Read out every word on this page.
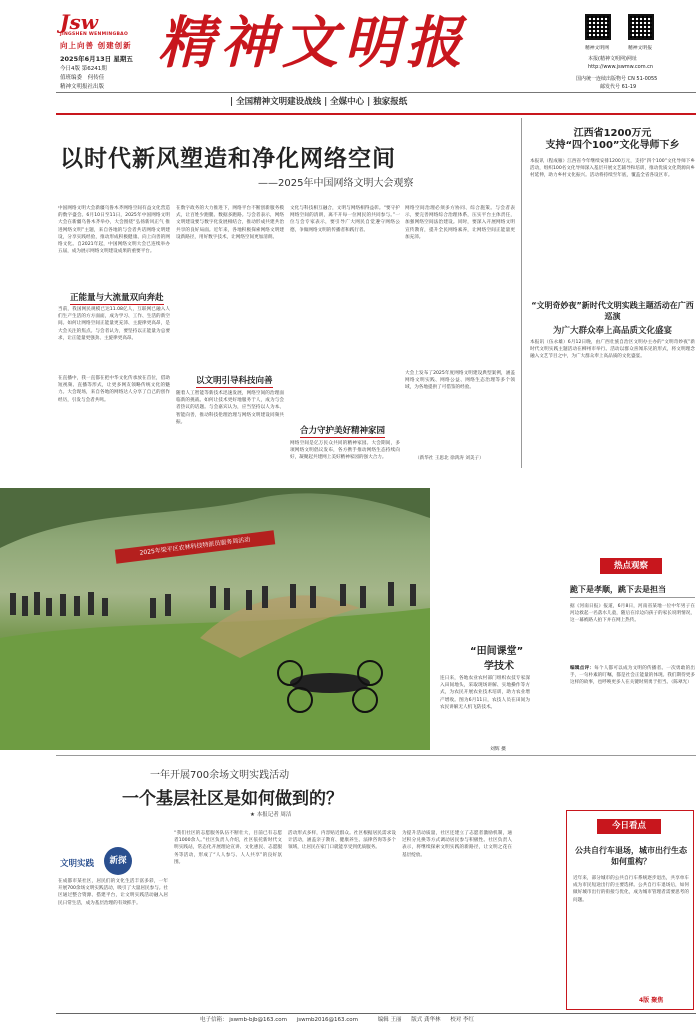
Jsw
JINGSHEN WENMINGBAO
向上向善 创建创新
2025年6月13日 星期五
今日4版 第6241期
值班编委 何传佳
精神文明报社出版
精神文明报	精神文明网	精神文明报
本报(精神文明网)网址
http://www.jswmw.com.cn
国内统一连续出版物号 CN 51-0055
邮发代号 61-19
| 全国精神文明建设战线 | 全媒中心 | 独家报纸
以时代新风塑造和净化网络空间
——2025年中国网络文明大会观察
中国网络文明大会新疆乌鲁木齐网络空间有益文化营造的数字盛会。6月10日至11日，2025年中国网络文明大会在新疆乌鲁木齐举办，大会围绕“弘扬新风正气 推进网络文明”主题，来自各地的与会者共话网络文明建设，分享实践经验，推动形成积极健康、向上向善的网络文化。自2021年起，中国网络文明大会已连续举办五届，成为展示网络文明建设成果的重要平台。
正能量与大流量双向奔赴
当前，我国网民规模已达11.08亿人，互联网已融入人们生产生活的方方面面，成为学习、工作、生活的新空间。如何让网络空间正能量更充沛、主旋律更高昂，是大会关注的焦点。与会者认为，要坚持以正能量为总要求，让正能量更强劲、主旋律更高昂。
在直播中，我一直都在把中华文化传承放在首位，借助短视频、直播等形式，让更多网友领略传统文化的魅力。大会现场，来自各地的网络达人分享了自己的创作经历，引发与会者共鸣。
在数字政务的大力推进下，网络平台不断创新服务模式，让百姓少跑腿、数据多跑路。与会者表示，网络文明建设要与数字化发展相结合，推动形成共建共治共享的良好局面。近年来，各地积极探索网络文明建设新路径，用好数字技术，让网络空间更加清朗。
以文明引导科技向善
随着人工智能等新技术迅速发展，网络空间的治理面临新的挑战。如何让技术更好地服务于人，成为与会者热议的话题。与会嘉宾认为，应当坚持以人为本、智能向善，推动科技伦理治理与网络文明建设同频共振。
文化与科技相互融合，文明与网络相得益彰。“要守护网络空间的清朗，离不开每一位网民的共同参与。”一位与会专家表示，要引导广大网民自觉遵守网络公德，争做网络文明的传播者和践行者。
合力守护美好精神家园
网络空间是亿万民众共同的精神家园。大会期间，多项网络文明倡议发布，各方携手推动网络生态持续向好，凝聚起共建网上美好精神家园的强大合力。
网络空间治理必须多方协同、综合施策。与会者表示，要完善网络综合治理体系，压实平台主体责任，加强网络空间法治建设。同时，要深入开展网络文明宣传教育，提升全民网络素养，让网络空间正能量更加充沛。
大会上发布了2025年度网络文明建设典型案例，涵盖网络文明实践、网络公益、网络生态治理等多个领域，为各地提供了可借鉴的经验。
（新华社 王思北 徐鸿涛 刘美子）
江西省1200万元
支持“四个100”文化导师下乡
本报讯（程成雁）江西省今年继续安排1200万元，支持“四个100”文化导师下乡活动，组织100名文化导师深入基层开展文艺辅导和培训，推动优质文化资源向乡村延伸，助力乡村文化振兴。活动将持续至年底，覆盖全省各设区市。
“文明奇妙夜”新时代文明实践主题活动在广西巡演
为广大群众奉上高品质文化盛宴
本报讯（伍永雄）6月12日晚，由广西壮族自治区文明办主办的“文明奇妙夜”新时代文明实践主题活动在柳州市举行。活动以群众喜闻乐见的形式，将文明理念融入文艺节目之中，为广大群众奉上高品质的文化盛宴。
2025年梁平区农林科技特派员服务周活动
“田间课堂”
学技术
连日来，各地农业农村部门组织农技专家深入田间地头，采取现场讲解、实地操作等方式，为农民开展农业技术培训，助力农业增产增收。图为6月11日，农技人员在田间为农民讲解无人机飞防技术。
刘辉 摄
热点观察
跪下是孝顺，跳下去是担当
据《河南日报》报道，6月8日，河南省某地一位中年男子在河边救起一名落水儿童，随后在岸边向孩子的家长说明情况，这一幕被路人拍下并在网上热传。
编辑点评：每个人都可以成为文明的传播者。一次勇敢的出手，一句朴素的叮嘱，都是社会正能量的体现。我们期待更多这样的故事，也呼唤更多人在关键时刻勇于担当。（陈翠光）
一年开展700余场文明实践活动
一个基层社区是如何做到的？
★ 本报记者 周洁
文明实践	新探
在成都市某社区，居民们的文化生活丰富多彩，一年开展700余场文明实践活动，吸引了大量居民参与。社区通过整合资源、搭建平台，让文明实践活动融入居民日常生活，成为基层治理的有效抓手。
“我们社区的志愿服务队伍不断壮大，目前已有志愿者1000余人。”社区负责人介绍，社区依托新时代文明实践站，常态化开展理论宣讲、文化惠民、志愿服务等活动，形成了“人人参与、人人共享”的良好氛围。
活动形式多样，内容贴近群众。社区根据居民需求设计活动，涵盖亲子教育、健康养生、法律咨询等多个领域，让居民在家门口就能享受到优质服务。
为提升活动质量，社区还建立了志愿者激励机制，通过积分兑换等方式调动居民参与积极性。社区负责人表示，将继续探索文明实践的新路径，让文明之花在基层绽放。
今日看点
公共自行车退场，城市出行生态如何重构？
近年来，部分城市的公共自行车系统逐步退出，共享单车成为市民短途出行的主要选择。公共自行车退场后，如何做好城市出行的衔接与优化，成为城市管理者需要思考的问题。
4版 聚焦
电子信箱： jswmb-bjb@163.com jswmb2016@163.com	编辑 王丽 版式 龚华林 校对 李红
